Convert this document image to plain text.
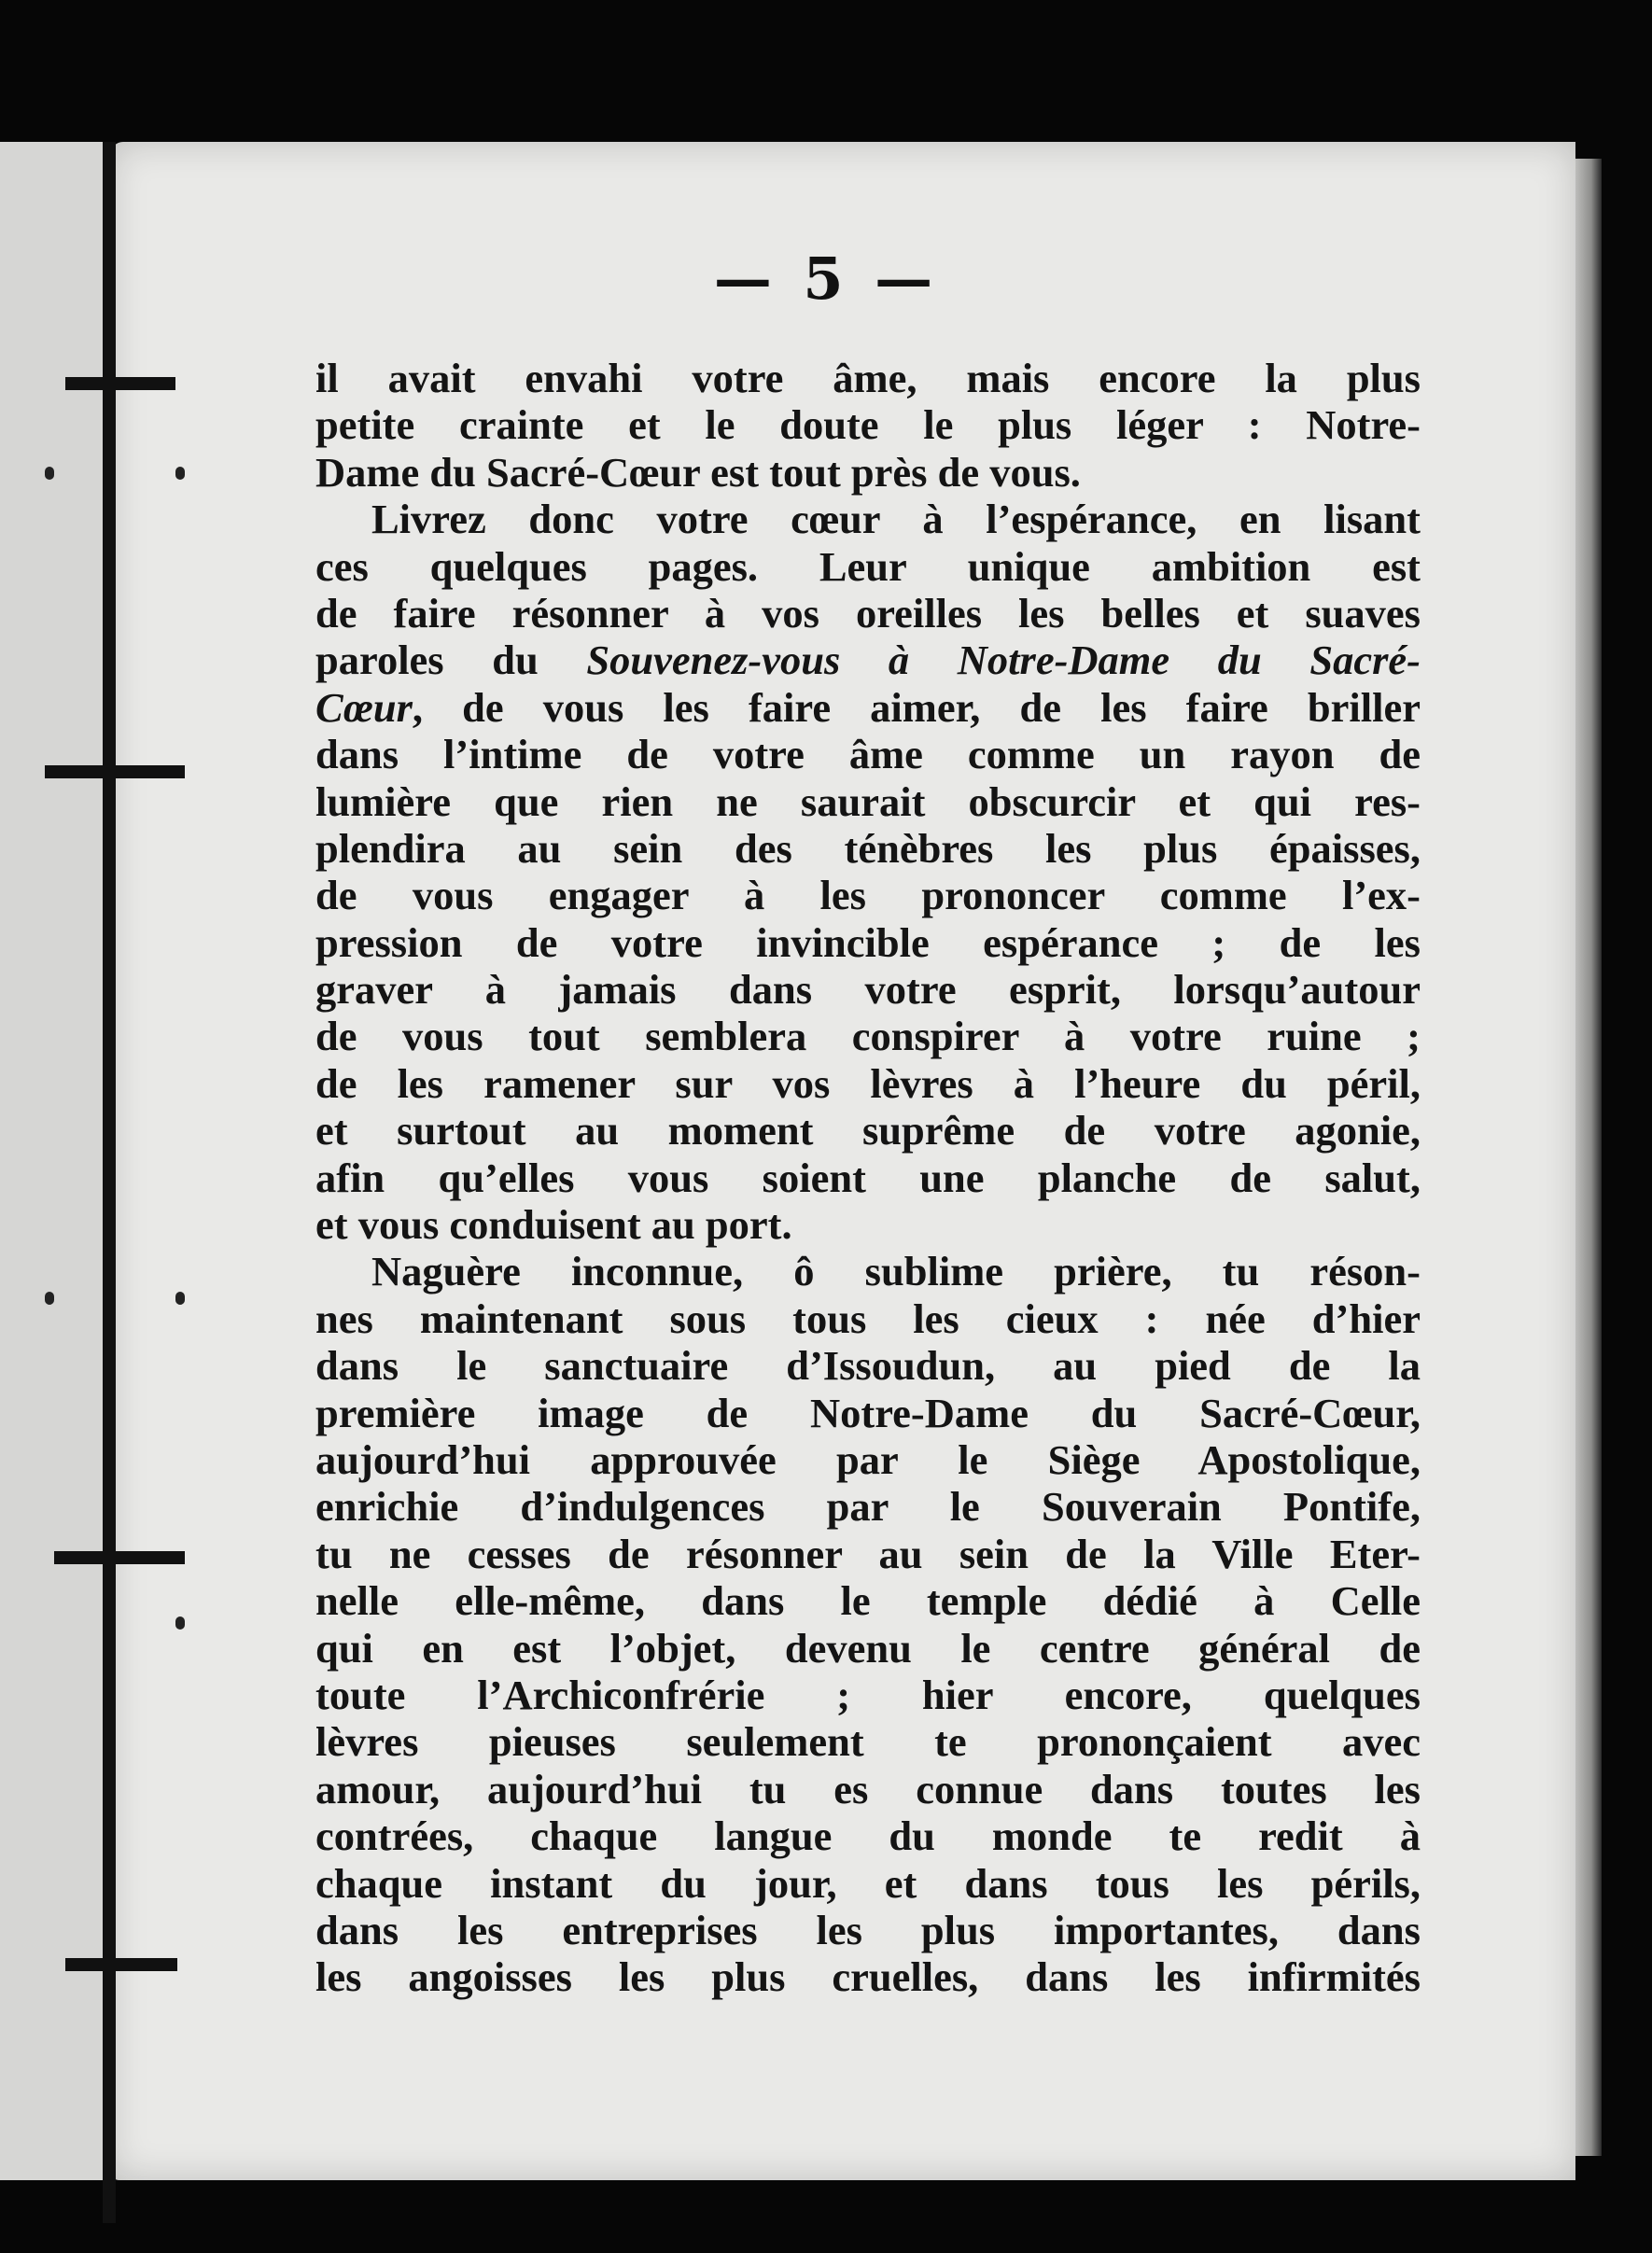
— 5 —
il avait envahi votre âme, mais encore la plus
petite crainte et le doute le plus léger : Notre-
Dame du Sacré-Cœur est tout près de vous.
Livrez donc votre cœur à l’espérance, en lisant
ces quelques pages. Leur unique ambition est
de faire résonner à vos oreilles les belles et suaves
paroles du Souvenez-vous à Notre-Dame du Sacré-
Cœur, de vous les faire aimer, de les faire briller
dans l’intime de votre âme comme un rayon de
lumière que rien ne saurait obscurcir et qui res-
plendira au sein des ténèbres les plus épaisses,
de vous engager à les prononcer comme l’ex-
pression de votre invincible espérance ; de les
graver à jamais dans votre esprit, lorsqu’autour
de vous tout semblera conspirer à votre ruine ;
de les ramener sur vos lèvres à l’heure du péril,
et surtout au moment suprême de votre agonie,
afin qu’elles vous soient une planche de salut,
et vous conduisent au port.
Naguère inconnue, ô sublime prière, tu réson-
nes maintenant sous tous les cieux : née d’hier
dans le sanctuaire d’Issoudun, au pied de la
première image de Notre-Dame du Sacré-Cœur,
aujourd’hui approuvée par le Siège Apostolique,
enrichie d’indulgences par le Souverain Pontife,
tu ne cesses de résonner au sein de la Ville Eter-
nelle elle-même, dans le temple dédié à Celle
qui en est l’objet, devenu le centre général de
toute l’Archiconfrérie ; hier encore, quelques
lèvres pieuses seulement te prononçaient avec
amour, aujourd’hui tu es connue dans toutes les
contrées, chaque langue du monde te redit à
chaque instant du jour, et dans tous les périls,
dans les entreprises les plus importantes, dans
les angoisses les plus cruelles, dans les infirmités
